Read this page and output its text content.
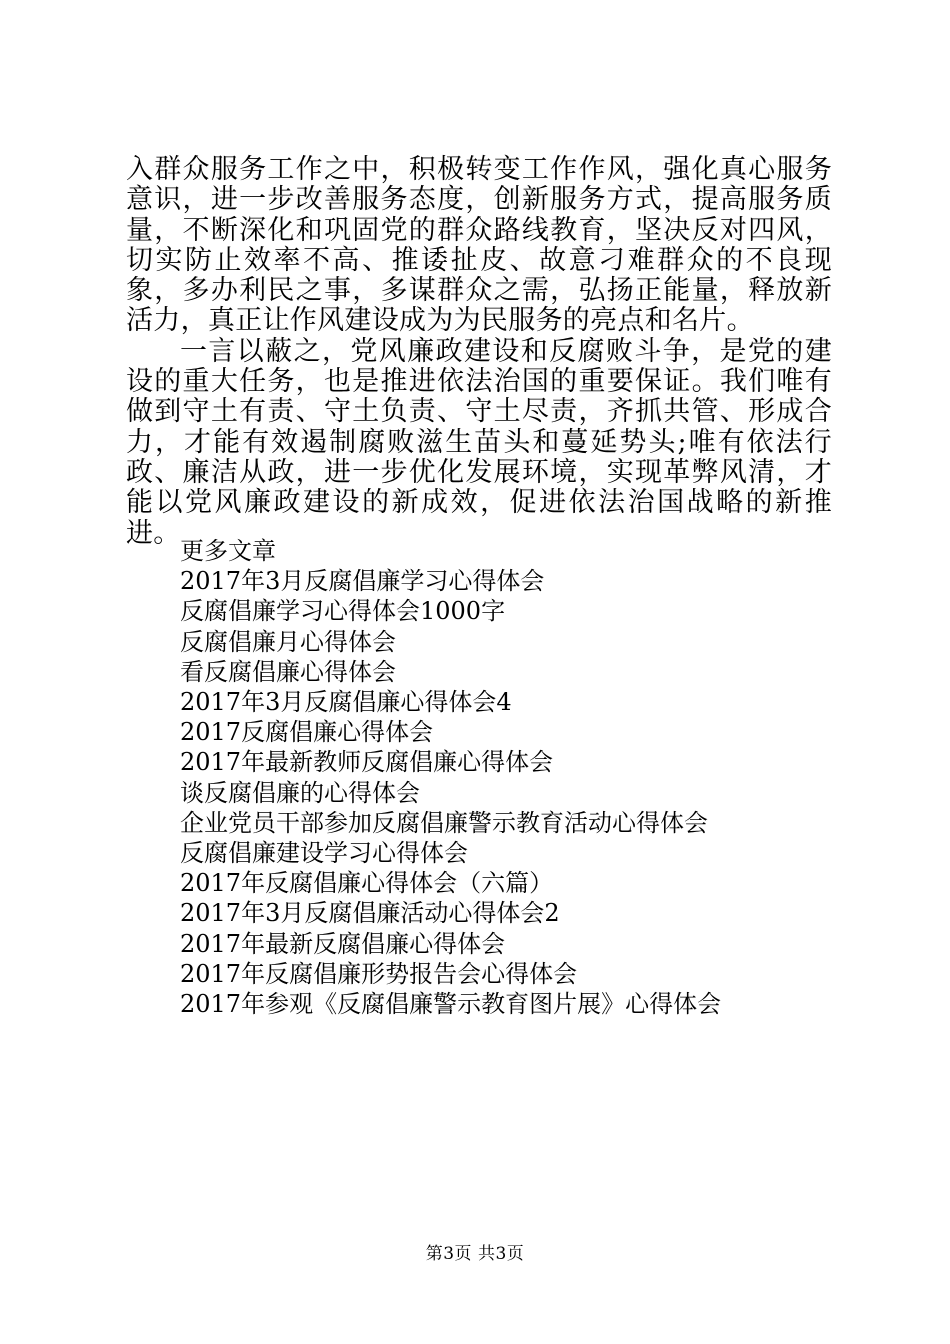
入群众服务工作之中，积极转变工作作风，强化真心服务意识，进一步改善服务态度，创新服务方式，提高服务质量，不断深化和巩固党的群众路线教育，坚决反对四风，切实防止效率不高、推诿扯皮、故意刁难群众的不良现象，多办利民之事，多谋群众之需，弘扬正能量，释放新活力，真正让作风建设成为为民服务的亮点和名片。

一言以蔽之，党风廉政建设和反腐败斗争，是党的建设的重大任务，也是推进依法治国的重要保证。我们唯有做到守土有责、守土负责、守土尽责，齐抓共管、形成合力，才能有效遏制腐败滋生苗头和蔓延势头;唯有依法行政、廉洁从政，进一步优化发展环境，实现革弊风清，才能以党风廉政建设的新成效，促进依法治国战略的新推进。

更多文章
2017年3月反腐倡廉学习心得体会
反腐倡廉学习心得体会1000字
反腐倡廉月心得体会
看反腐倡廉心得体会
2017年3月反腐倡廉心得体会4
2017反腐倡廉心得体会
2017年最新教师反腐倡廉心得体会
谈反腐倡廉的心得体会
企业党员干部参加反腐倡廉警示教育活动心得体会
反腐倡廉建设学习心得体会
2017年反腐倡廉心得体会（六篇）
2017年3月反腐倡廉活动心得体会2
2017年最新反腐倡廉心得体会
2017年反腐倡廉形势报告会心得体会
2017年参观《反腐倡廉警示教育图片展》心得体会
第3页 共3页
